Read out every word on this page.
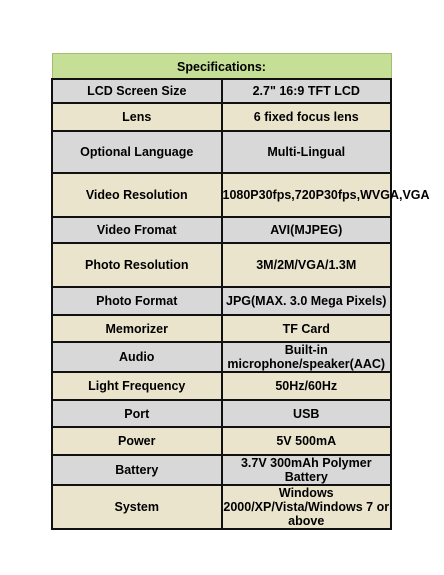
Specifications:	
LCD Screen Size	2.7" 16:9 TFT LCD
Lens	6 fixed focus lens
Optional Language	Multi-Lingual
Video Resolution	1080P30fps,720P30fps,WVGA,VGA
Video Fromat	AVI(MJPEG)
Photo Resolution	3M/2M/VGA/1.3M
Photo Format	JPG(MAX. 3.0 Mega Pixels)
Memorizer	TF Card
Audio	Built-in microphone/speaker(AAC)
Light Frequency	50Hz/60Hz
Port	USB
Power	5V 500mA
Battery	3.7V 300mAh Polymer Battery
System	Windows 2000/XP/Vista/Windows 7 or above
